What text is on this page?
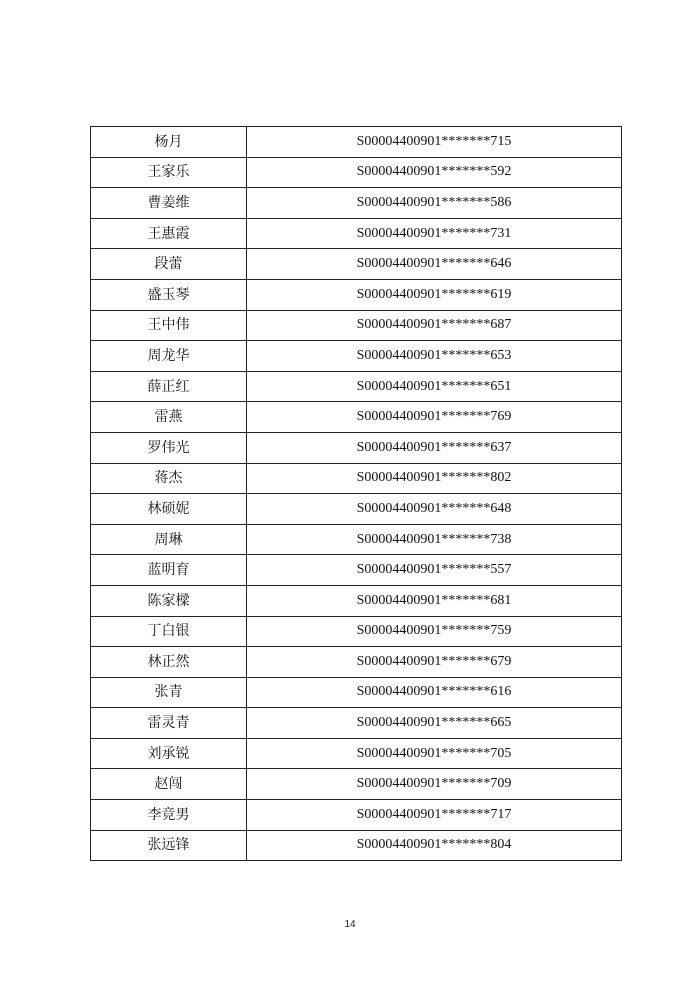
杨月	S00004400901*******715
王家乐	S00004400901*******592
曹姜维	S00004400901*******586
王惠霞	S00004400901*******731
段蕾	S00004400901*******646
盛玉琴	S00004400901*******619
王中伟	S00004400901*******687
周龙华	S00004400901*******653
薛正红	S00004400901*******651
雷燕	S00004400901*******769
罗伟光	S00004400901*******637
蒋杰	S00004400901*******802
林硕妮	S00004400901*******648
周琳	S00004400901*******738
蓝明育	S00004400901*******557
陈家樑	S00004400901*******681
丁白银	S00004400901*******759
林正然	S00004400901*******679
张青	S00004400901*******616
雷灵青	S00004400901*******665
刘承锐	S00004400901*******705
赵闯	S00004400901*******709
李竞男	S00004400901*******717
张远锋	S00004400901*******804
14
